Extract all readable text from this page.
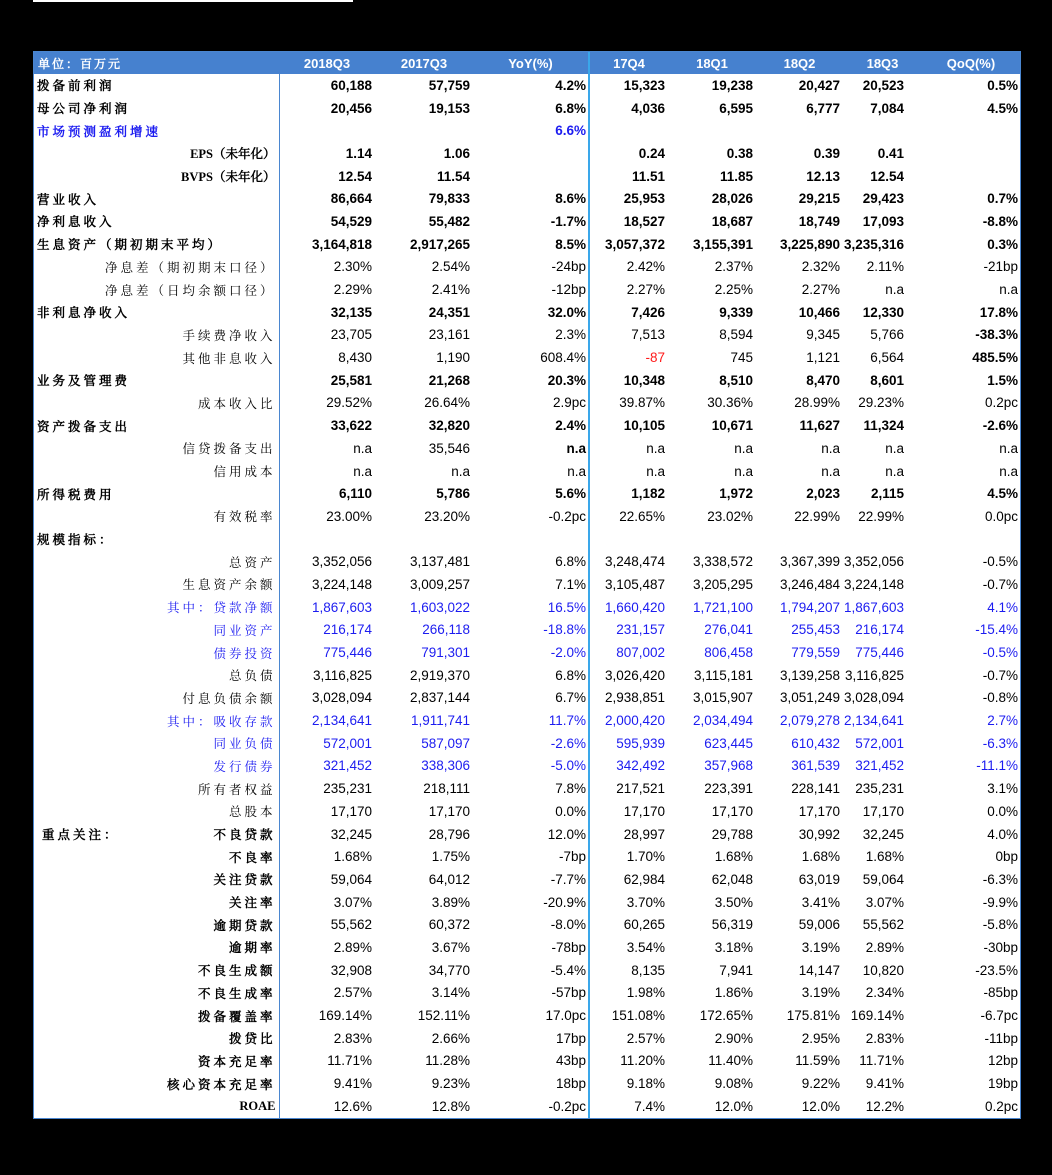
单位：百万元	2018Q3	2017Q3	YoY(%)	17Q4	18Q1	18Q2	18Q3	QoQ(%)
拨备前利润	60,188	57,759	4.2%	15,323	19,238	20,427	20,523	0.5%
母公司净利润	20,456	19,153	6.8%	4,036	6,595	6,777	7,084	4.5%
市场预测盈利增速			6.6%					
EPS（未年化）	1.14	1.06		0.24	0.38	0.39	0.41	
BVPS（未年化）	12.54	11.54		11.51	11.85	12.13	12.54	
营业收入	86,664	79,833	8.6%	25,953	28,026	29,215	29,423	0.7%
净利息收入	54,529	55,482	-1.7%	18,527	18,687	18,749	17,093	-8.8%
生息资产（期初期末平均）	3,164,818	2,917,265	8.5%	3,057,372	3,155,391	3,225,890	3,235,316	0.3%
净息差（期初期末口径）	2.30%	2.54%	-24bp	2.42%	2.37%	2.32%	2.11%	-21bp
净息差（日均余额口径）	2.29%	2.41%	-12bp	2.27%	2.25%	2.27%	n.a	n.a
非利息净收入	32,135	24,351	32.0%	7,426	9,339	10,466	12,330	17.8%
手续费净收入	23,705	23,161	2.3%	7,513	8,594	9,345	5,766	-38.3%
其他非息收入	8,430	1,190	608.4%	-87	745	1,121	6,564	485.5%
业务及管理费	25,581	21,268	20.3%	10,348	8,510	8,470	8,601	1.5%
成本收入比	29.52%	26.64%	2.9pc	39.87%	30.36%	28.99%	29.23%	0.2pc
资产拨备支出	33,622	32,820	2.4%	10,105	10,671	11,627	11,324	-2.6%
信贷拨备支出	n.a	35,546	n.a	n.a	n.a	n.a	n.a	n.a
信用成本	n.a	n.a	n.a	n.a	n.a	n.a	n.a	n.a
所得税费用	6,110	5,786	5.6%	1,182	1,972	2,023	2,115	4.5%
有效税率	23.00%	23.20%	-0.2pc	22.65%	23.02%	22.99%	22.99%	0.0pc
规模指标：								
总资产	3,352,056	3,137,481	6.8%	3,248,474	3,338,572	3,367,399	3,352,056	-0.5%
生息资产余额	3,224,148	3,009,257	7.1%	3,105,487	3,205,295	3,246,484	3,224,148	-0.7%
其中：贷款净额	1,867,603	1,603,022	16.5%	1,660,420	1,721,100	1,794,207	1,867,603	4.1%
同业资产	216,174	266,118	-18.8%	231,157	276,041	255,453	216,174	-15.4%
债券投资	775,446	791,301	-2.0%	807,002	806,458	779,559	775,446	-0.5%
总负债	3,116,825	2,919,370	6.8%	3,026,420	3,115,181	3,139,258	3,116,825	-0.7%
付息负债余额	3,028,094	2,837,144	6.7%	2,938,851	3,015,907	3,051,249	3,028,094	-0.8%
其中：吸收存款	2,134,641	1,911,741	11.7%	2,000,420	2,034,494	2,079,278	2,134,641	2.7%
同业负债	572,001	587,097	-2.6%	595,939	623,445	610,432	572,001	-6.3%
发行债券	321,452	338,306	-5.0%	342,492	357,968	361,539	321,452	-11.1%
所有者权益	235,231	218,111	7.8%	217,521	223,391	228,141	235,231	3.1%
总股本	17,170	17,170	0.0%	17,170	17,170	17,170	17,170	0.0%

重点关注： 不良贷款	32,245	28,796	12.0%	28,997	29,788	30,992	32,245	4.0%
不良率	1.68%	1.75%	-7bp	1.70%	1.68%	1.68%	1.68%	0bp
关注贷款	59,064	64,012	-7.7%	62,984	62,048	63,019	59,064	-6.3%
关注率	3.07%	3.89%	-20.9%	3.70%	3.50%	3.41%	3.07%	-9.9%
逾期贷款	55,562	60,372	-8.0%	60,265	56,319	59,006	55,562	-5.8%
逾期率	2.89%	3.67%	-78bp	3.54%	3.18%	3.19%	2.89%	-30bp
不良生成额	32,908	34,770	-5.4%	8,135	7,941	14,147	10,820	-23.5%
不良生成率	2.57%	3.14%	-57bp	1.98%	1.86%	3.19%	2.34%	-85bp
拨备覆盖率	169.14%	152.11%	17.0pc	151.08%	172.65%	175.81%	169.14%	-6.7pc
拨贷比	2.83%	2.66%	17bp	2.57%	2.90%	2.95%	2.83%	-11bp
资本充足率	11.71%	11.28%	43bp	11.20%	11.40%	11.59%	11.71%	12bp
核心资本充足率	9.41%	9.23%	18bp	9.18%	9.08%	9.22%	9.41%	19bp
ROAE	12.6%	12.8%	-0.2pc	7.4%	12.0%	12.0%	12.2%	0.2pc
